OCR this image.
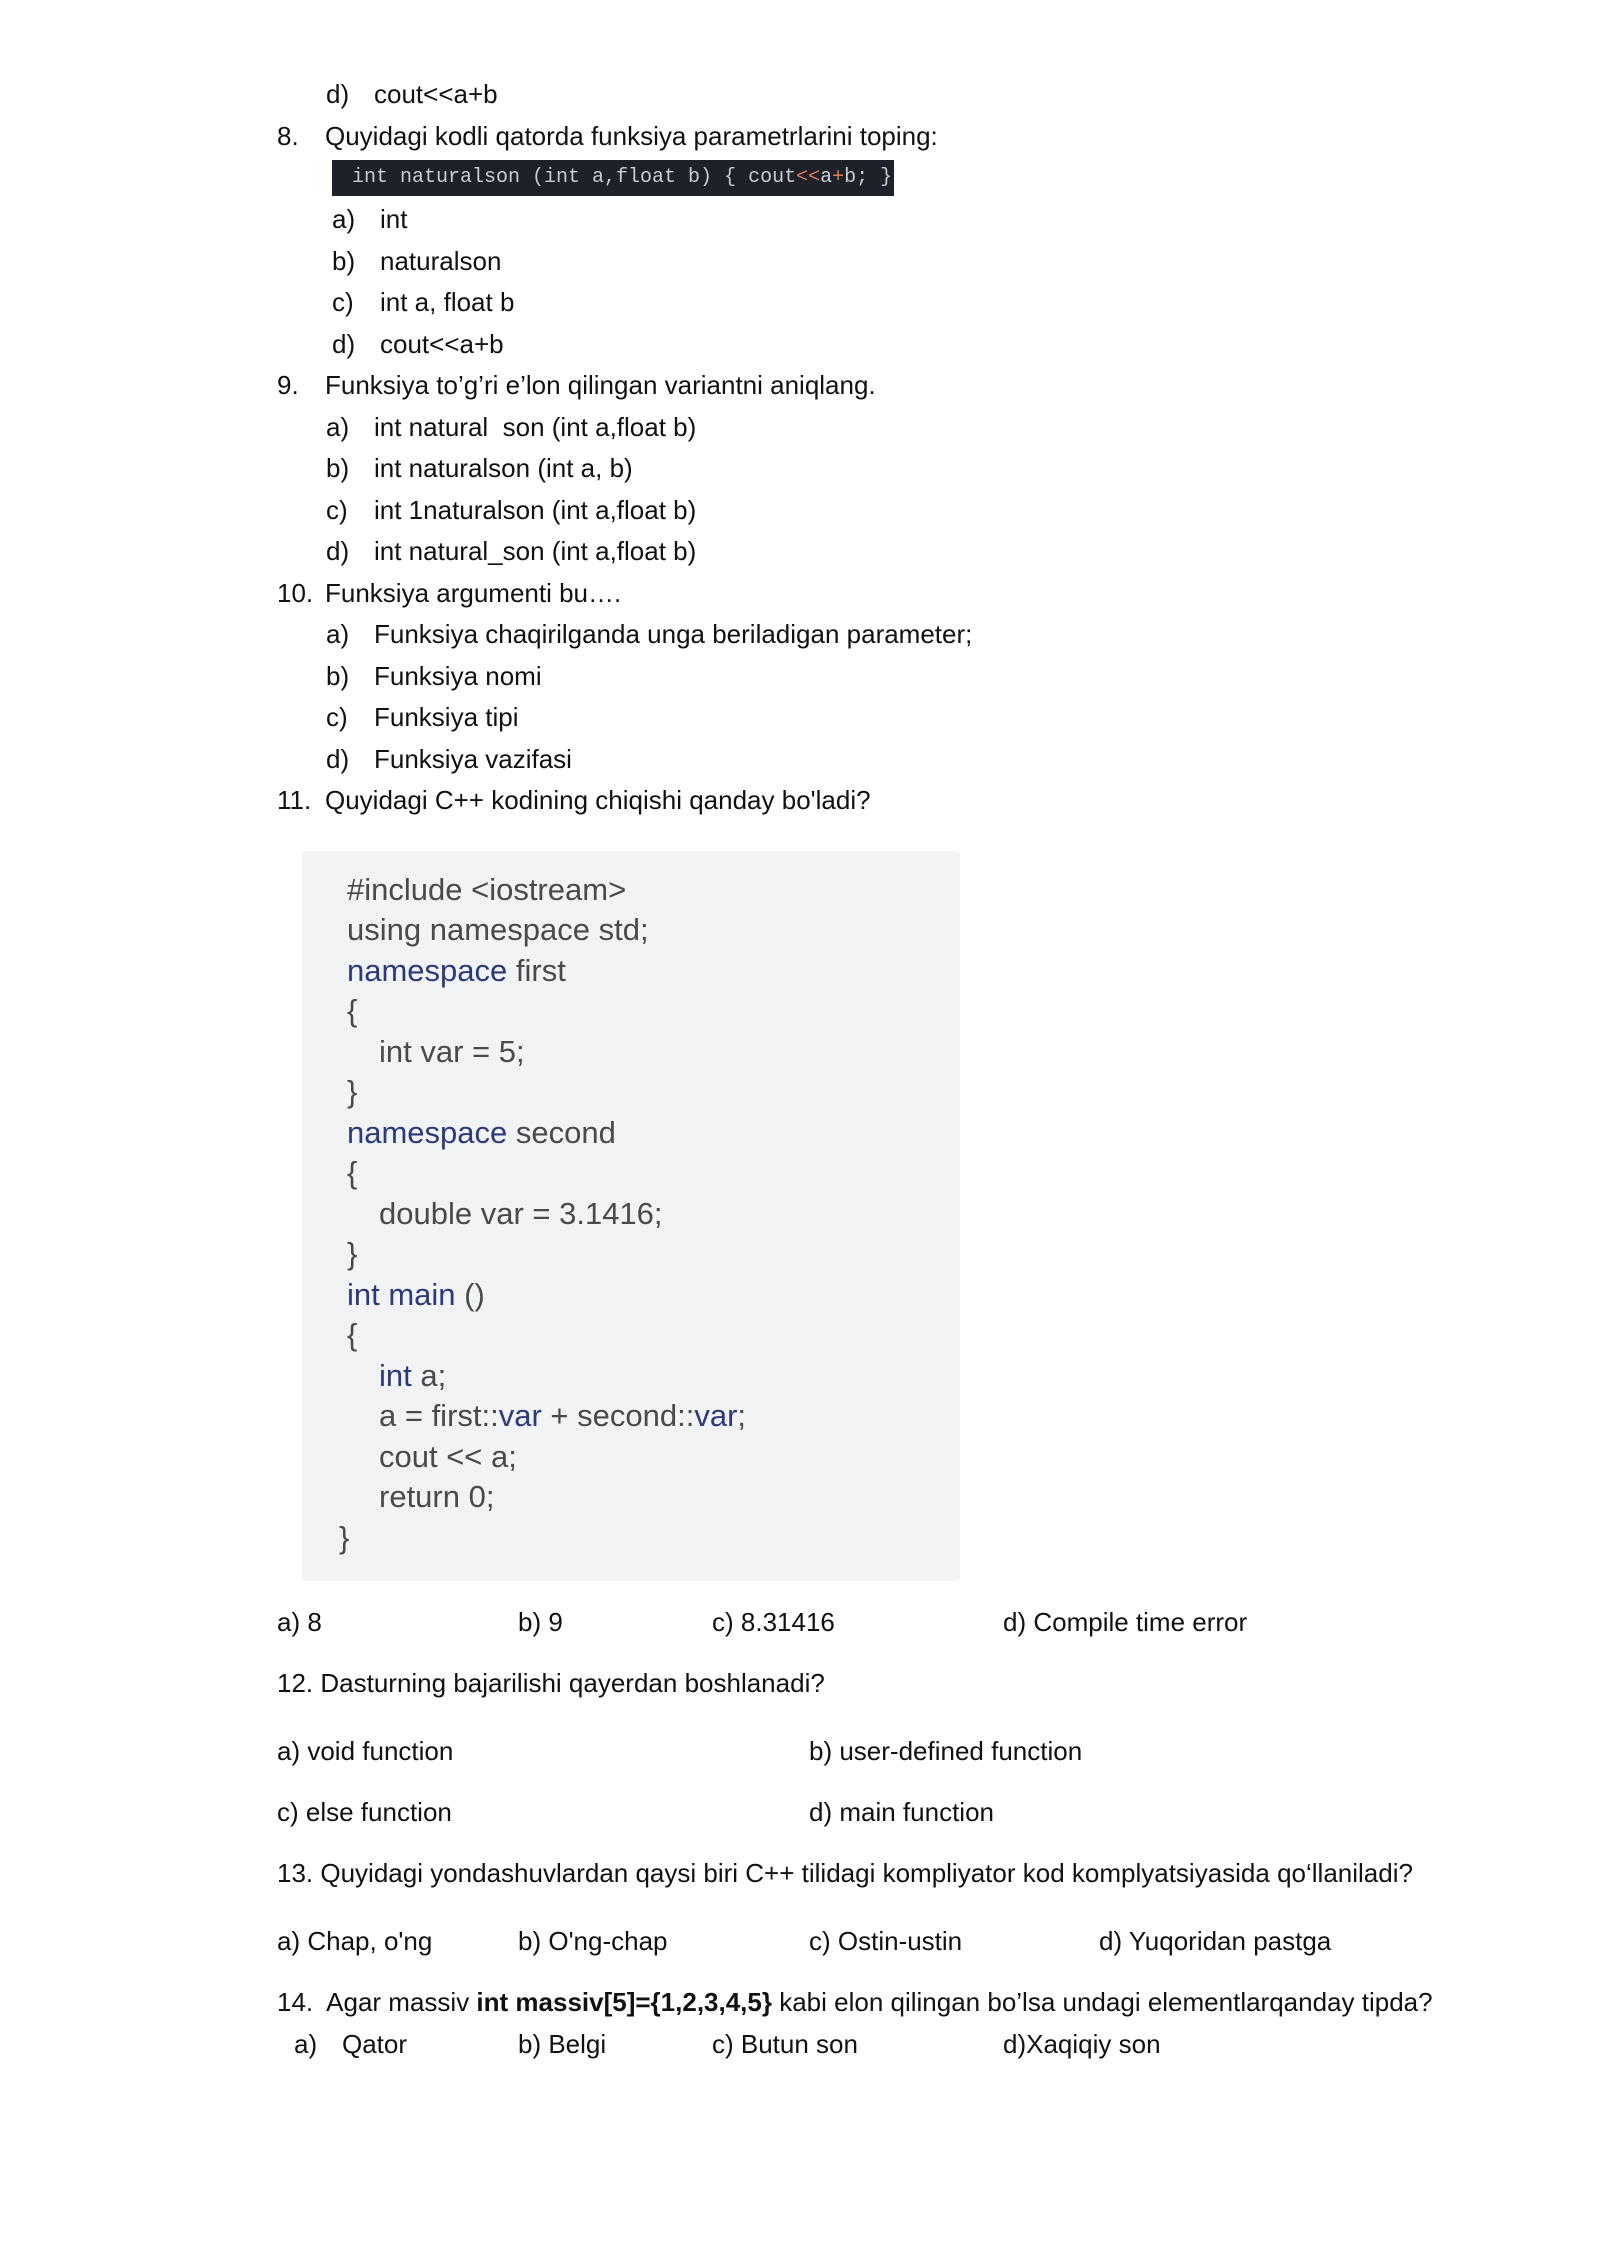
d) cout<<a+b
8. Quyidagi kodli qatorda funksiya parametrlarini toping:
int naturalson (int a,float b) { cout<<a+b; }
a) int
b) naturalson
c) int a, float b
d) cout<<a+b
9. Funksiya to’g’ri e’lon qilingan variantni aniqlang.
a) int natural  son (int a,float b)
b) int naturalson (int a, b)
c) int 1naturalson (int a,float b)
d) int natural_son (int a,float b)
10. Funksiya argumenti bu….
a) Funksiya chaqirilganda unga beriladigan parameter;
b) Funksiya nomi
c) Funksiya tipi
d) Funksiya vazifasi
11. Quyidagi C++ kodining chiqishi qanday bo'ladi?
#include <iostream>
using namespace std;
namespace first
{
int var = 5;
}
namespace second
{
double var = 3.1416;
}
int main ()
{
int a;
a = first::var + second::var;
cout << a;
return 0;
}
a) 8	b) 9	c) 8.31416	d) Compile time error
12. Dasturning bajarilishi qayerdan boshlanadi?
a) void function	b) user-defined function
c) else function	d) main function
13. Quyidagi yondashuvlardan qaysi biri C++ tilidagi kompliyator kod komplyatsiyasida qo‘llaniladi?
a) Chap, o'ng	b) O'ng-chap	c) Ostin-ustin	d) Yuqoridan pastga
14.  Agar massiv int massiv[5]={1,2,3,4,5} kabi elon qilingan bo’lsa undagi elementlarqanday tipda?
a) Qator	b) Belgi	c) Butun son	d)Xaqiqiy son
